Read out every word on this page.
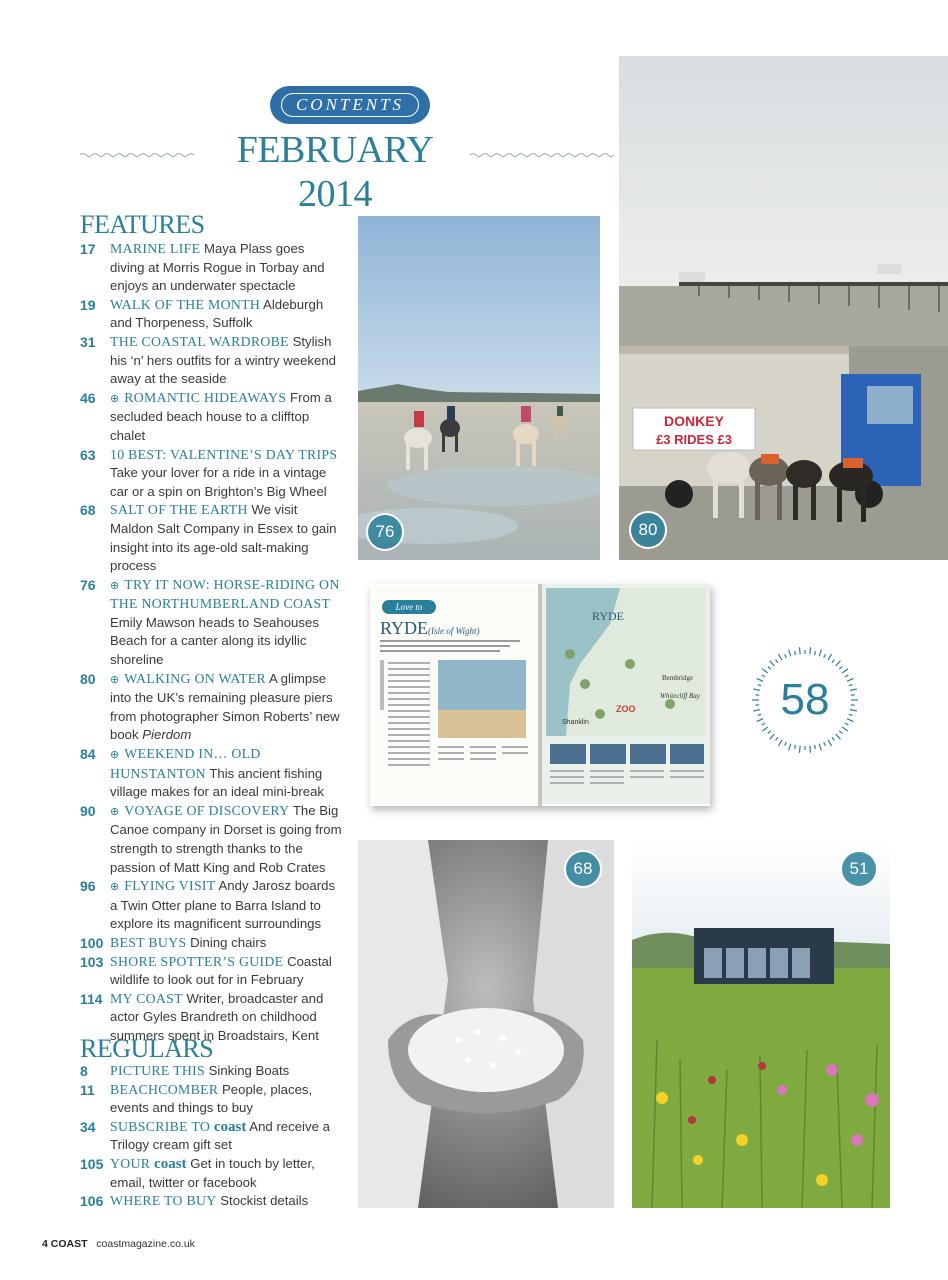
CONTENTS
FEBRUARY 2014
FEATURES
17	MARINE LIFE Maya Plass goes diving at Morris Rogue in Torbay and enjoys an underwater spectacle
19	WALK OF THE MONTH Aldeburgh and Thorpeness, Suffolk
31	THE COASTAL WARDROBE Stylish his ‘n’ hers outfits for a wintry weekend away at the seaside
46	⊕ ROMANTIC HIDEAWAYS From a secluded beach house to a clifftop chalet
63	10 BEST: VALENTINE’S DAY TRIPS Take your lover for a ride in a vintage car or a spin on Brighton’s Big Wheel
68	SALT OF THE EARTH We visit Maldon Salt Company in Essex to gain insight into its age-old salt-making process
76	⊕ TRY IT NOW: HORSE-RIDING ON THE NORTHUMBERLAND COAST Emily Mawson heads to Seahouses Beach for a canter along its idyllic shoreline
80	⊕ WALKING ON WATER A glimpse into the UK’s remaining pleasure piers from photographer Simon Roberts’ new book Pierdom
84	⊕ WEEKEND IN… OLD HUNSTANTON This ancient fishing village makes for an ideal mini-break
90	⊕ VOYAGE OF DISCOVERY The Big Canoe company in Dorset is going from strength to strength thanks to the passion of Matt King and Rob Crates
96	⊕ FLYING VISIT Andy Jarosz boards a Twin Otter plane to Barra Island to explore its magnificent surroundings
100 BEST BUYS Dining chairs
103 SHORE SPOTTER’S GUIDE Coastal wildlife to look out for in February
114 MY COAST Writer, broadcaster and actor Gyles Brandreth on childhood summers spent in Broadstairs, Kent
REGULARS
8	PICTURE THIS Sinking Boats
11	BEACHCOMBER People, places, events and things to buy
34	SUBSCRIBE TO coast And receive a Trilogy cream gift set
105 YOUR coast Get in touch by letter, email, twitter or facebook
106 WHERE TO BUY Stockist details
76
DONKEY
£3 RIDES £3
80
Love to
RYDE (Isle of Wight)
RYDE
Shanklin
ZOO
Bembridge
Whitecliff Bay 58
68	51
4 COAST coastmagazine.co.uk
